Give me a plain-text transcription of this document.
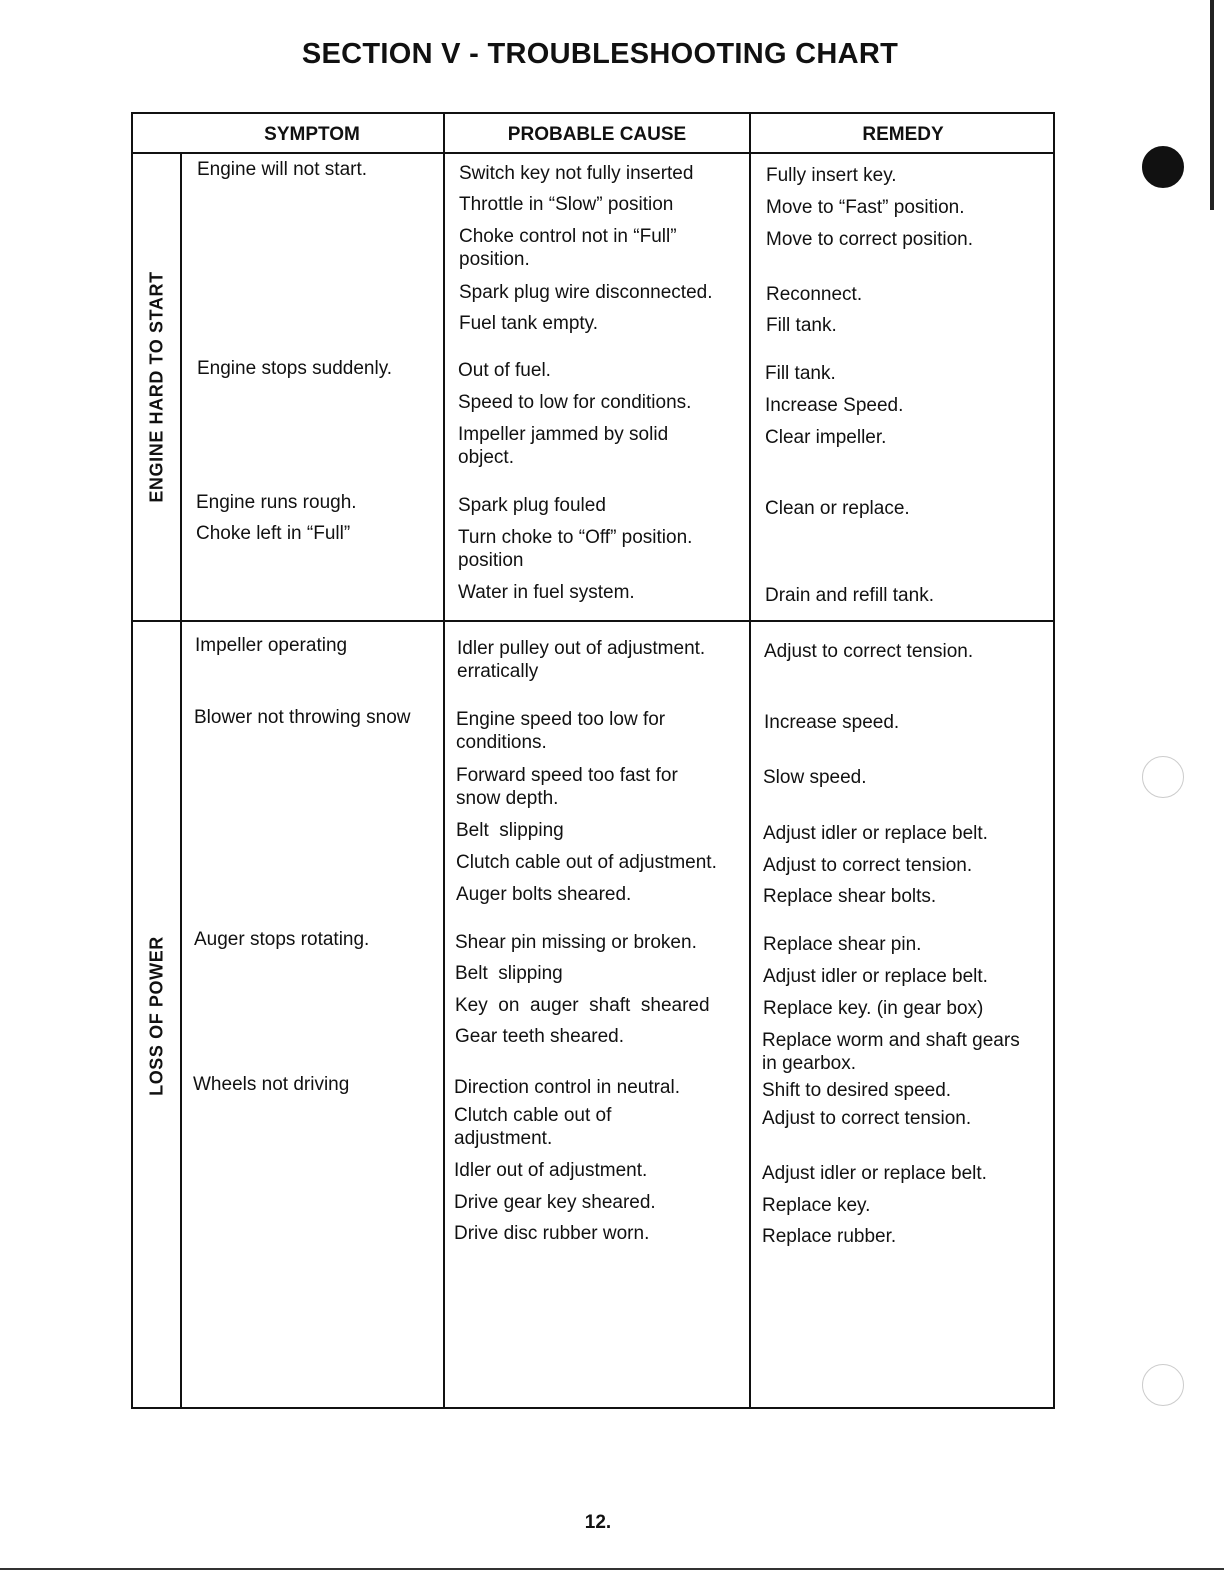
SECTION V - TROUBLESHOOTING CHART
SYMPTOM	PROBABLE CAUSE	REMEDY
ENGINE HARD TO START
LOSS OF POWER
Engine will not start.
Engine stops suddenly.
Engine runs rough.
Choke left in “Full”
Switch key not fully inserted
Throttle in “Slow” position
Choke control not in “Full”
position.
Spark plug wire disconnected.
Fuel tank empty.
Out of fuel.
Speed to low for conditions.
Impeller jammed by solid
object.
Spark plug fouled
Turn choke to “Off” position.
position
Water in fuel system.
Fully insert key.
Move to “Fast” position.
Move to correct position.
Reconnect.
Fill tank.
Fill tank.
Increase Speed.
Clear impeller.
Clean or replace.
Drain and refill tank.
Impeller operating
Blower not throwing snow
Auger stops rotating.
Wheels not driving
Idler pulley out of adjustment.
erratically
Engine speed too low for
conditions.
Forward speed too fast for
snow depth.
Belt  slipping
Clutch cable out of adjustment.
Auger bolts sheared.
Shear pin missing or broken.
Belt  slipping
Key  on  auger  shaft  sheared
Gear teeth sheared.
Direction control in neutral.
Clutch cable out of
adjustment.
Idler out of adjustment.
Drive gear key sheared.
Drive disc rubber worn.
Adjust to correct tension.
Increase speed.
Slow speed.
Adjust idler or replace belt.
Adjust to correct tension.
Replace shear bolts.
Replace shear pin.
Adjust idler or replace belt.
Replace key. (in gear box)
Replace worm and shaft gears
in gearbox.
Shift to desired speed.
Adjust to correct tension.
Adjust idler or replace belt.
Replace key.
Replace rubber.
12.
